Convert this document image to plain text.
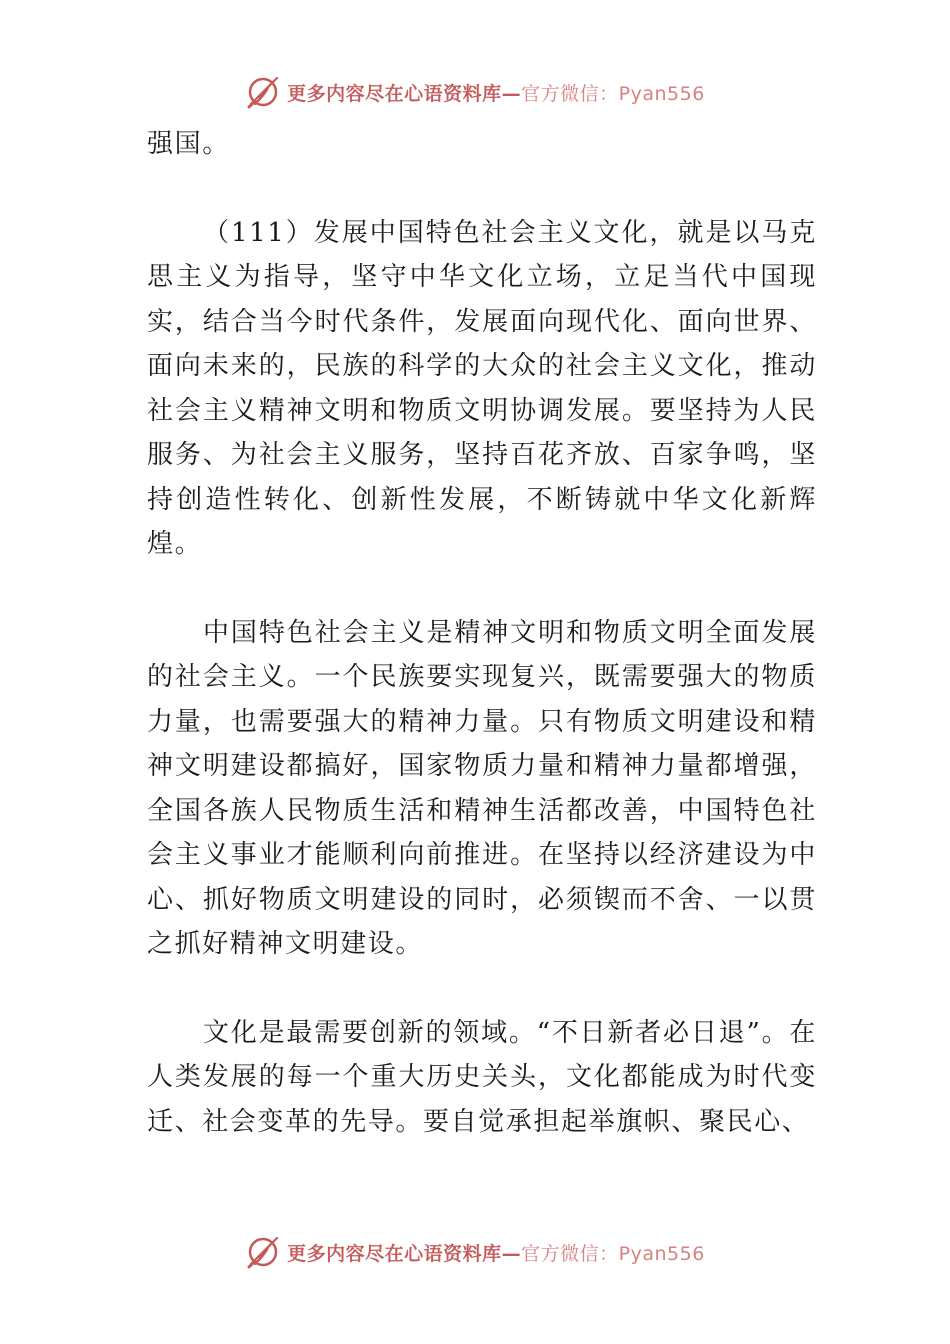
更多内容尽在心语资料库—官方微信：Pyan556

强国。

（111）发展中国特色社会主义文化，就是以马克思主义为指导，坚守中华文化立场，立足当代中国现实，结合当今时代条件，发展面向现代化、面向世界、面向未来的，民族的科学的大众的社会主义文化，推动社会主义精神文明和物质文明协调发展。要坚持为人民服务、为社会主义服务，坚持百花齐放、百家争鸣，坚持创造性转化、创新性发展，不断铸就中华文化新辉煌。

中国特色社会主义是精神文明和物质文明全面发展的社会主义。一个民族要实现复兴，既需要强大的物质力量，也需要强大的精神力量。只有物质文明建设和精神文明建设都搞好，国家物质力量和精神力量都增强，全国各族人民物质生活和精神生活都改善，中国特色社会主义事业才能顺利向前推进。在坚持以经济建设为中心、抓好物质文明建设的同时，必须锲而不舍、一以贯之抓好精神文明建设。

文化是最需要创新的领域。“不日新者必日退”。在人类发展的每一个重大历史关头，文化都能成为时代变迁、社会变革的先导。要自觉承担起举旗帜、聚民心、

更多内容尽在心语资料库—官方微信：Pyan556
